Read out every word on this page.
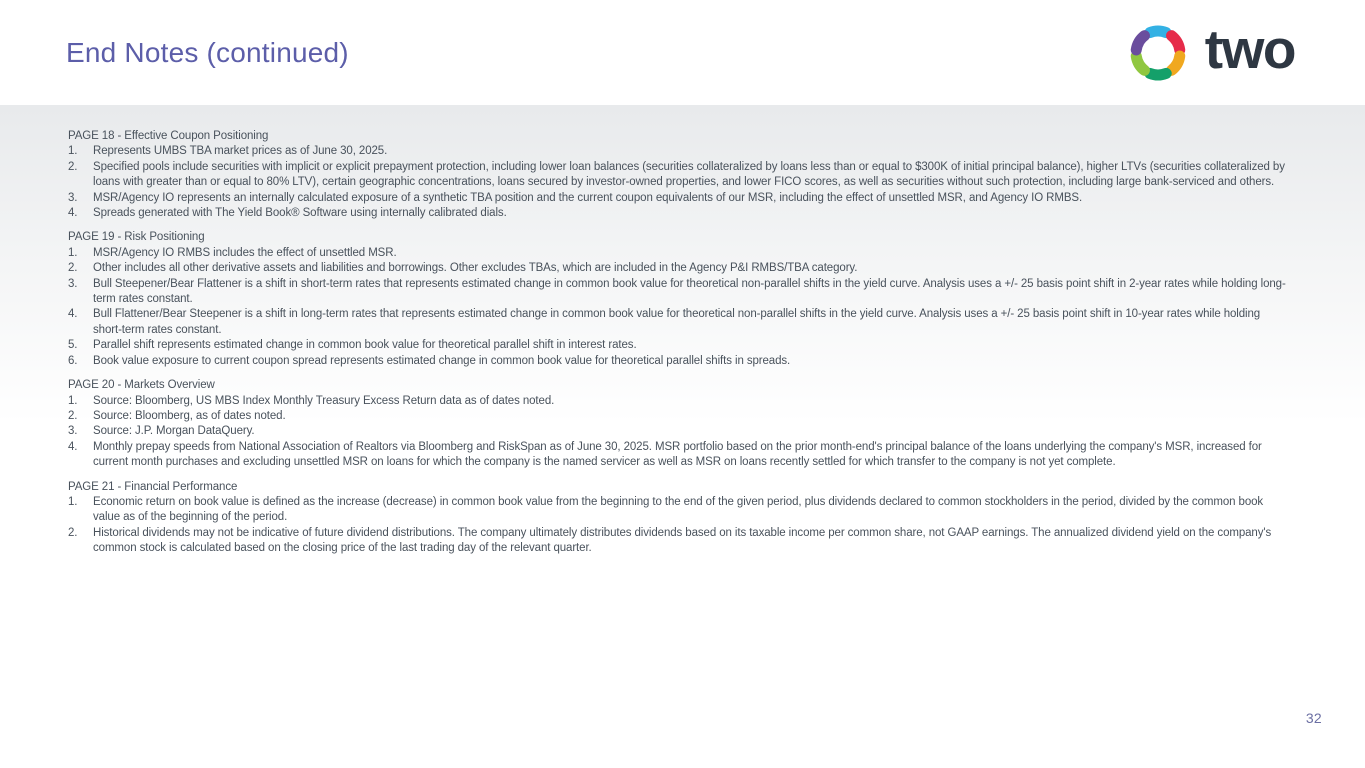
End Notes (continued)	two
PAGE 18 - Effective Coupon Positioning
1.	Represents UMBS TBA market prices as of June 30, 2025.
2.	Specified pools include securities with implicit or explicit prepayment protection, including lower loan balances (securities collateralized by loans less than or equal to $300K of initial principal balance), higher LTVs (securities collateralized by loans with greater than or equal to 80% LTV), certain geographic concentrations, loans secured by investor-owned properties, and lower FICO scores, as well as securities without such protection, including large bank-serviced and others.
3.	MSR/Agency IO represents an internally calculated exposure of a synthetic TBA position and the current coupon equivalents of our MSR, including the effect of unsettled MSR, and Agency IO RMBS.
4.	Spreads generated with The Yield Book® Software using internally calibrated dials.
PAGE 19 - Risk Positioning
1.	MSR/Agency IO RMBS includes the effect of unsettled MSR.
2.	Other includes all other derivative assets and liabilities and borrowings. Other excludes TBAs, which are included in the Agency P&I RMBS/TBA category.
3.	Bull Steepener/Bear Flattener is a shift in short-term rates that represents estimated change in common book value for theoretical non-parallel shifts in the yield curve. Analysis uses a +/- 25 basis point shift in 2-year rates while holding long-term rates constant.
4.	Bull Flattener/Bear Steepener is a shift in long-term rates that represents estimated change in common book value for theoretical non-parallel shifts in the yield curve. Analysis uses a +/- 25 basis point shift in 10-year rates while holding short-term rates constant.
5.	Parallel shift represents estimated change in common book value for theoretical parallel shift in interest rates.
6.	Book value exposure to current coupon spread represents estimated change in common book value for theoretical parallel shifts in spreads.
PAGE 20 - Markets Overview
1.	Source: Bloomberg, US MBS Index Monthly Treasury Excess Return data as of dates noted.
2.	Source: Bloomberg, as of dates noted.
3.	Source: J.P. Morgan DataQuery.
4.	Monthly prepay speeds from National Association of Realtors via Bloomberg and RiskSpan as of June 30, 2025. MSR portfolio based on the prior month-end's principal balance of the loans underlying the company's MSR, increased for current month purchases and excluding unsettled MSR on loans for which the company is the named servicer as well as MSR on loans recently settled for which transfer to the company is not yet complete.
PAGE 21 - Financial Performance
1.	Economic return on book value is defined as the increase (decrease) in common book value from the beginning to the end of the given period, plus dividends declared to common stockholders in the period, divided by the common book value as of the beginning of the period.
2.	Historical dividends may not be indicative of future dividend distributions. The company ultimately distributes dividends based on its taxable income per common share, not GAAP earnings. The annualized dividend yield on the company's common stock is calculated based on the closing price of the last trading day of the relevant quarter.
32
